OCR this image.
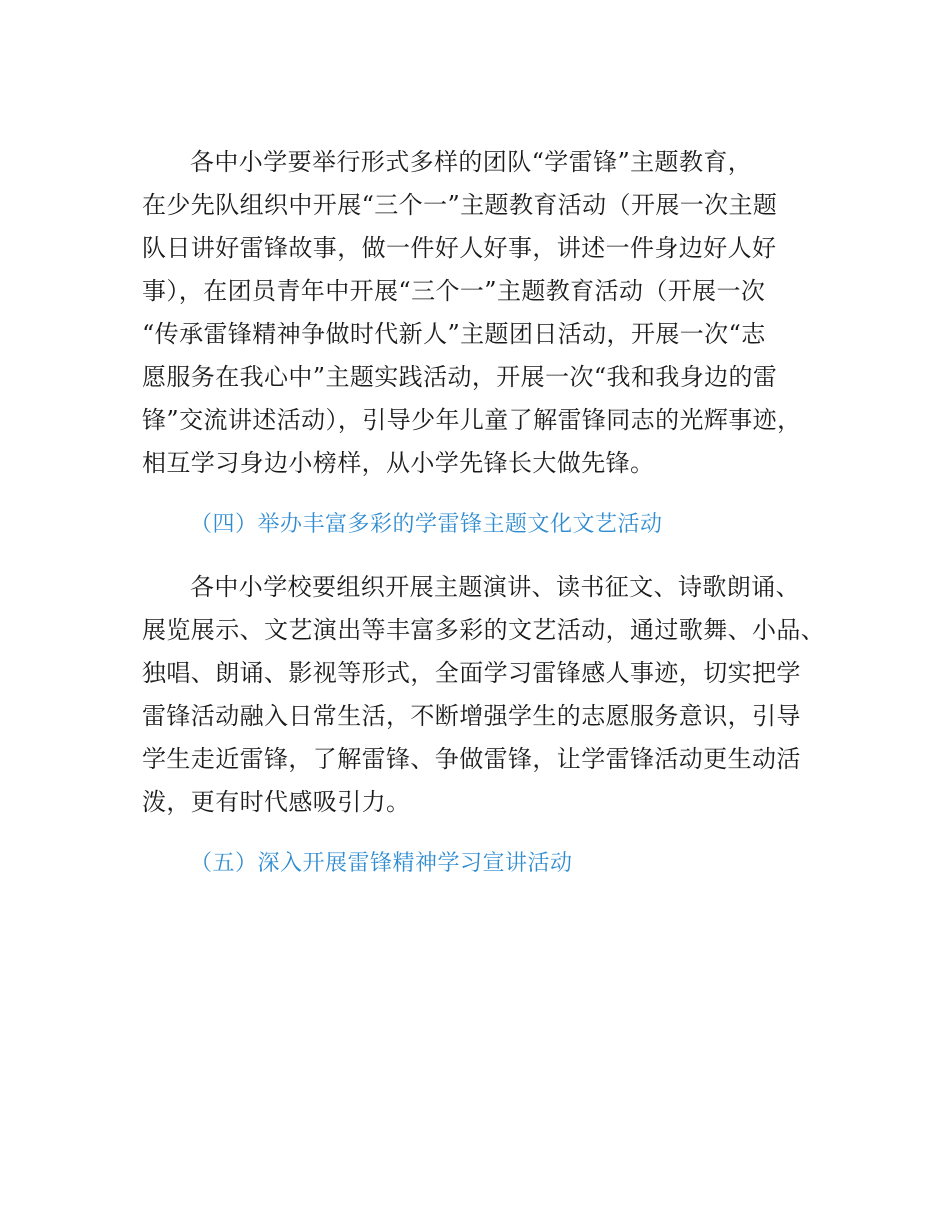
各中小学要举行形式多样的团队“学雷锋”主题教育，
在少先队组织中开展“三个一”主题教育活动（开展一次主题
队日讲好雷锋故事，做一件好人好事，讲述一件身边好人好
事），在团员青年中开展“三个一”主题教育活动（开展一次
“传承雷锋精神争做时代新人”主题团日活动，开展一次“志
愿服务在我心中”主题实践活动，开展一次“我和我身边的雷
锋”交流讲述活动），引导少年儿童了解雷锋同志的光辉事迹，
相互学习身边小榜样，从小学先锋长大做先锋。
（四）举办丰富多彩的学雷锋主题文化文艺活动
各中小学校要组织开展主题演讲、读书征文、诗歌朗诵、
展览展示、文艺演出等丰富多彩的文艺活动，通过歌舞、小品、
独唱、朗诵、影视等形式，全面学习雷锋感人事迹，切实把学
雷锋活动融入日常生活，不断增强学生的志愿服务意识，引导
学生走近雷锋，了解雷锋、争做雷锋，让学雷锋活动更生动活
泼，更有时代感吸引力。
（五）深入开展雷锋精神学习宣讲活动
